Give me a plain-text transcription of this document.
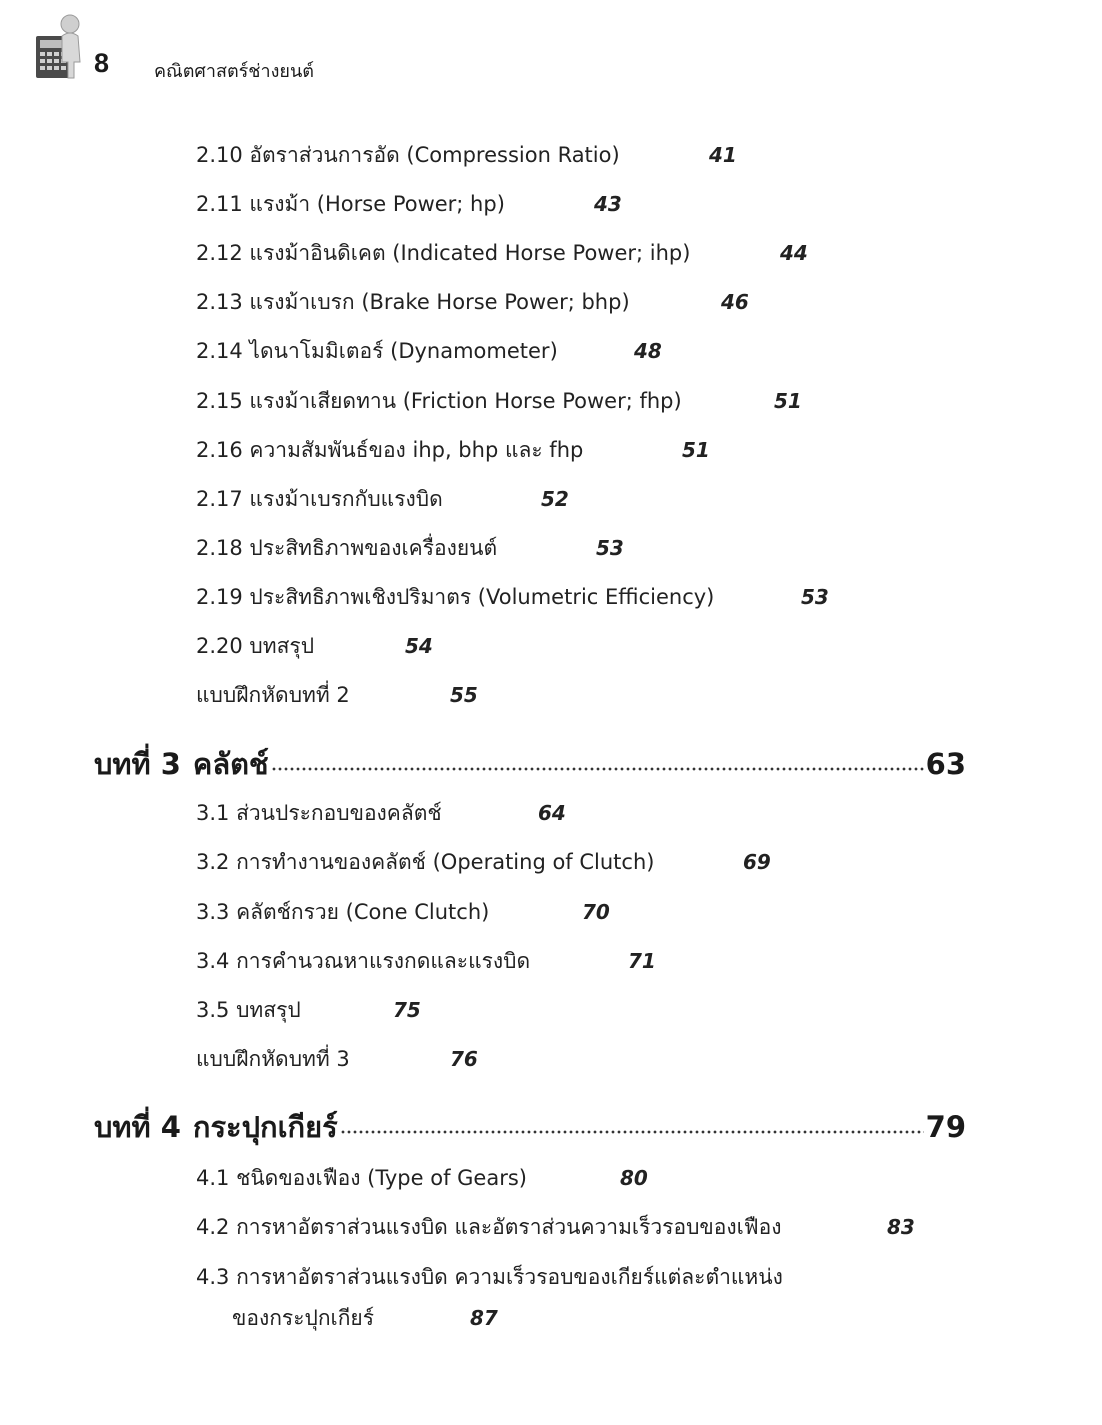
8 คณิตศาสตร์ช่างยนต์
2.10 อัตราส่วนการอัด (Compression Ratio)	41
2.11 แรงม้า (Horse Power; hp)	43
2.12 แรงม้าอินดิเคต (Indicated Horse Power; ihp)	44
2.13 แรงม้าเบรก (Brake Horse Power; bhp)	46
2.14 ไดนาโมมิเตอร์ (Dynamometer)	48
2.15 แรงม้าเสียดทาน (Friction Horse Power; fhp)	51
2.16 ความสัมพันธ์ของ ihp, bhp และ fhp	51
2.17 แรงม้าเบรกกับแรงบิด	52
2.18 ประสิทธิภาพของเครื่องยนต์	53
2.19 ประสิทธิภาพเชิงปริมาตร (Volumetric Efficiency)	53
2.20 บทสรุป	54
แบบฝึกหัดบทที่ 2	55
บทที่ 3 คลัตช์	63
3.1 ส่วนประกอบของคลัตช์	64
3.2 การทำงานของคลัตช์ (Operating of Clutch)	69
3.3 คลัตช์กรวย (Cone Clutch)	70
3.4 การคำนวณหาแรงกดและแรงบิด	71
3.5 บทสรุป	75
แบบฝึกหัดบทที่ 3	76
บทที่ 4 กระปุกเกียร์	79
4.1 ชนิดของเฟือง (Type of Gears)	80
4.2 การหาอัตราส่วนแรงบิด และอัตราส่วนความเร็วรอบของเฟือง	83
4.3 การหาอัตราส่วนแรงบิด ความเร็วรอบของเกียร์แต่ละตำแหน่ง
ของกระปุกเกียร์	87
